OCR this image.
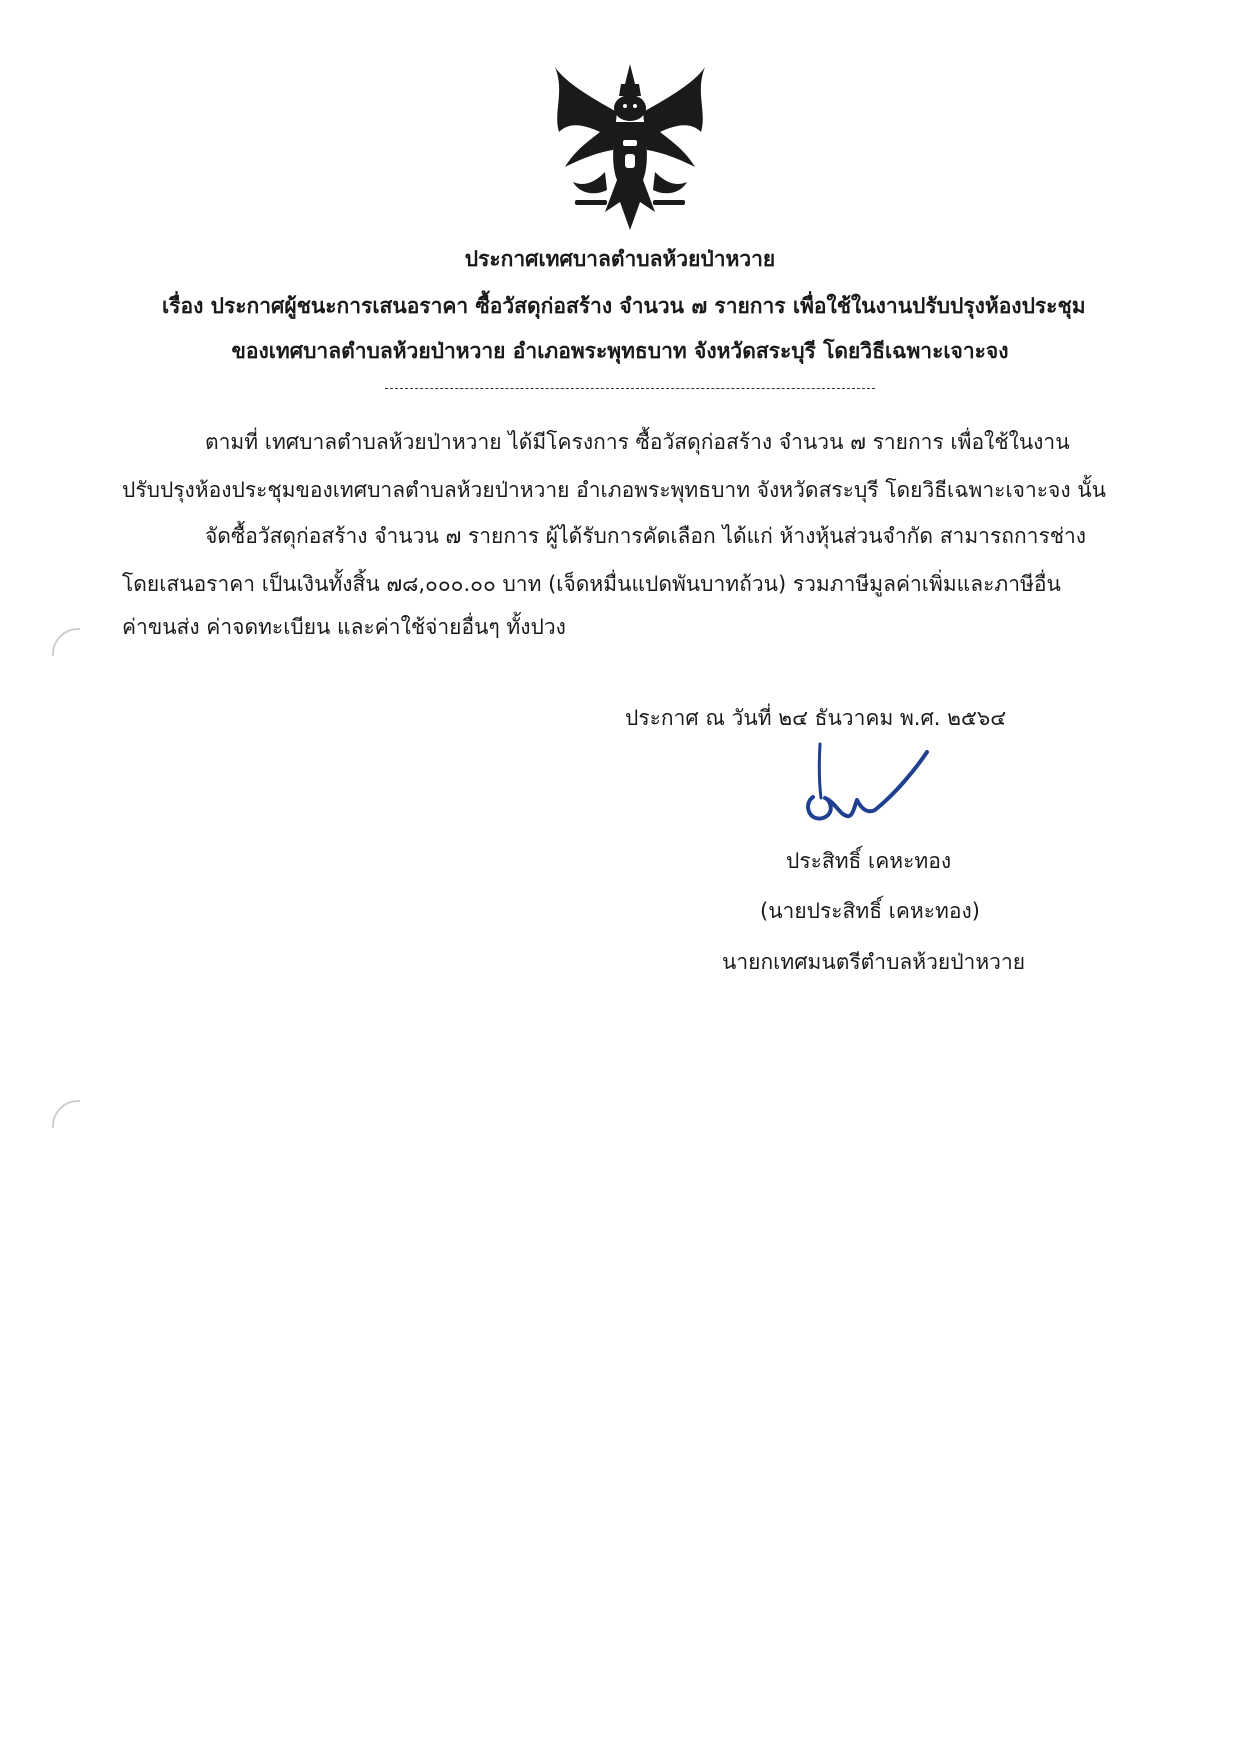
ประกาศเทศบาลตำบลห้วยป่าหวาย
เรื่อง ประกาศผู้ชนะการเสนอราคา ซื้อวัสดุก่อสร้าง จำนวน ๗ รายการ เพื่อใช้ในงานปรับปรุงห้องประชุม
ของเทศบาลตำบลห้วยป่าหวาย อำเภอพระพุทธบาท จังหวัดสระบุรี โดยวิธีเฉพาะเจาะจง
ตามที่ เทศบาลตำบลห้วยป่าหวาย ได้มีโครงการ ซื้อวัสดุก่อสร้าง จำนวน ๗ รายการ เพื่อใช้ในงาน
ปรับปรุงห้องประชุมของเทศบาลตำบลห้วยป่าหวาย อำเภอพระพุทธบาท จังหวัดสระบุรี โดยวิธีเฉพาะเจาะจง นั้น
จัดซื้อวัสดุก่อสร้าง จำนวน ๗ รายการ ผู้ได้รับการคัดเลือก ได้แก่ ห้างหุ้นส่วนจำกัด สามารถการช่าง
โดยเสนอราคา เป็นเงินทั้งสิ้น ๗๘,๐๐๐.๐๐ บาท (เจ็ดหมื่นแปดพันบาทถ้วน) รวมภาษีมูลค่าเพิ่มและภาษีอื่น
ค่าขนส่ง ค่าจดทะเบียน และค่าใช้จ่ายอื่นๆ ทั้งปวง
ประกาศ ณ วันที่ ๒๔ ธันวาคม พ.ศ. ๒๕๖๔
ประสิทธิ์ เคหะทอง
(นายประสิทธิ์ เคหะทอง)
นายกเทศมนตรีตำบลห้วยป่าหวาย
